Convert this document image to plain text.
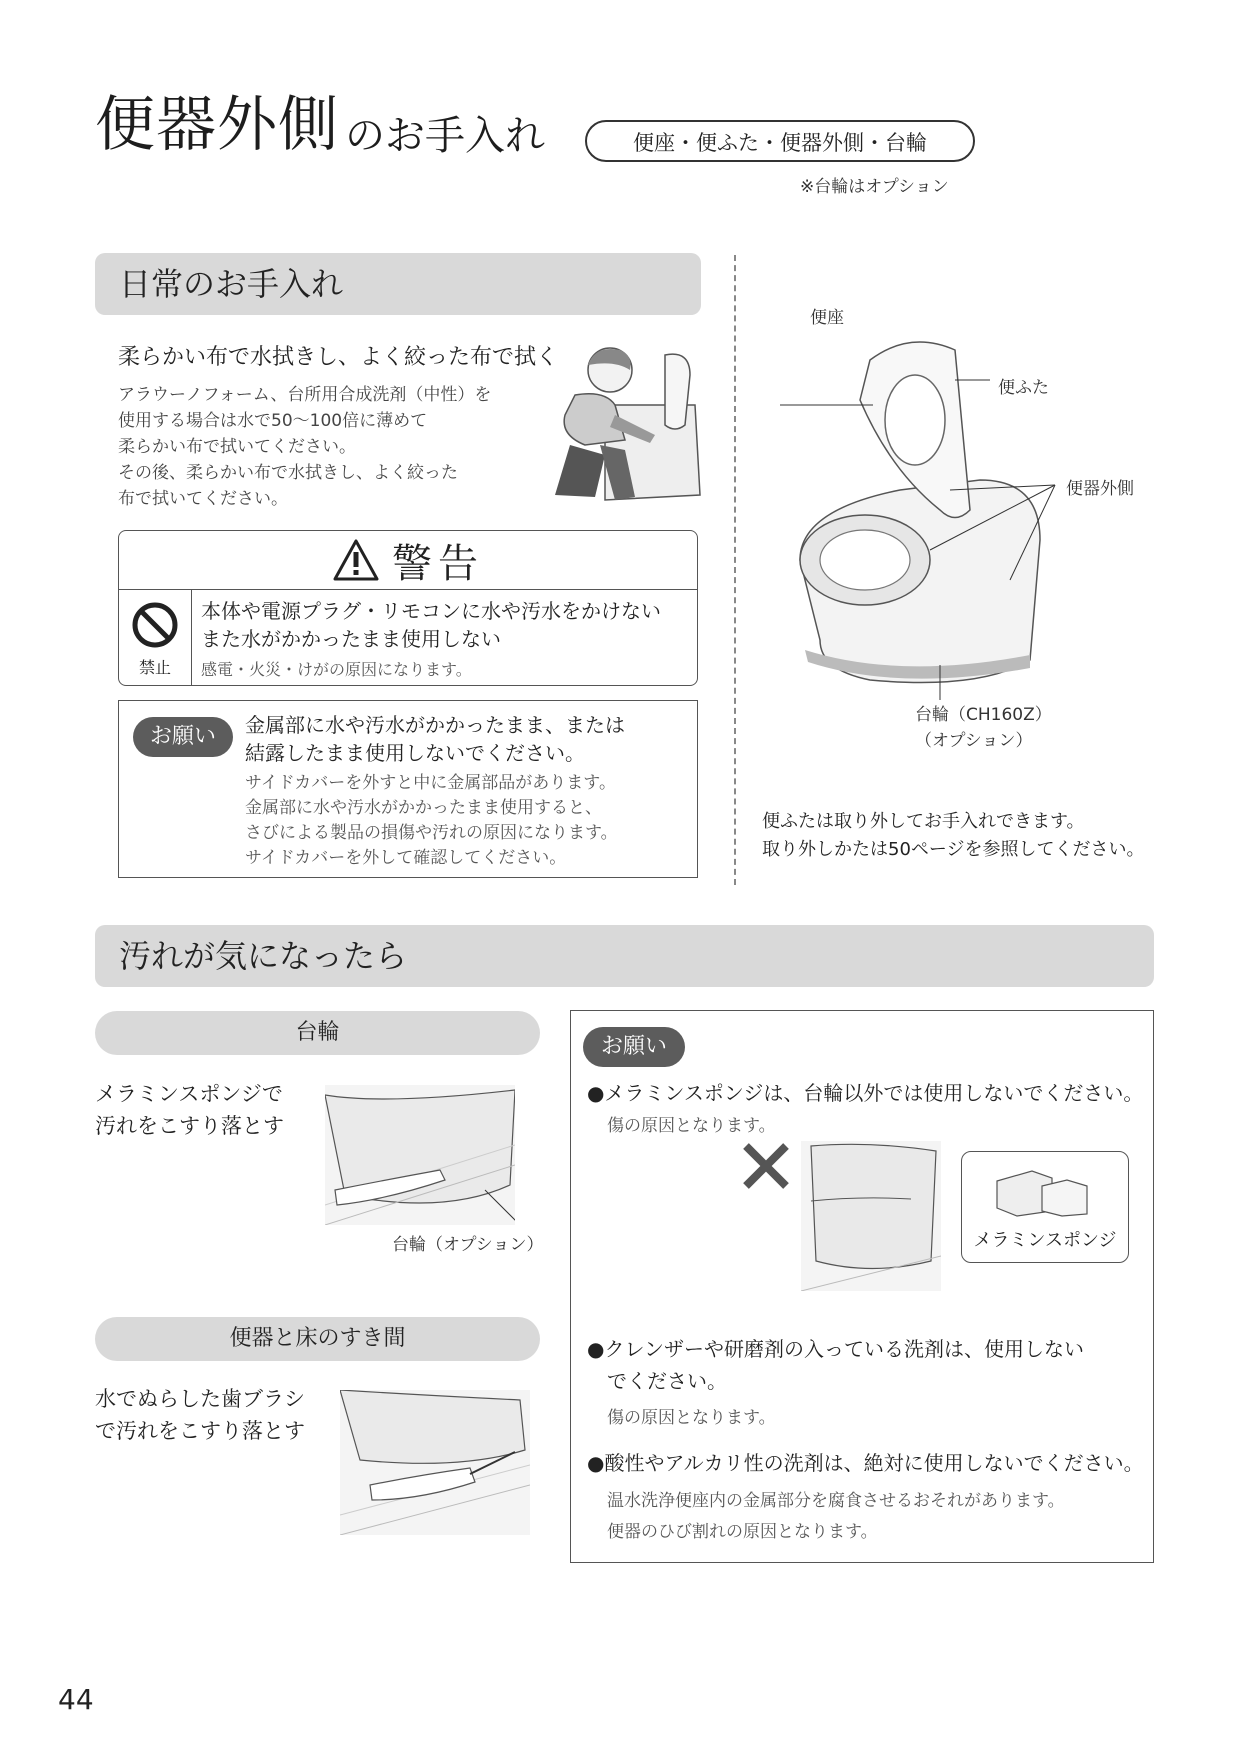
便器外側 のお手入れ	便座・便ふた・便器外側・台輪
※台輪はオプション
日常のお手入れ
柔らかい布で水拭きし、よく絞った布で拭く
アラウーノフォーム、台所用合成洗剤（中性）を
使用する場合は水で50〜100倍に薄めて
柔らかい布で拭いてください。
その後、柔らかい布で水拭きし、よく絞った
布で拭いてください。
警告
禁止
本体や電源プラグ・リモコンに水や汚水をかけない
また水がかかったまま使用しない
感電・火災・けがの原因になります。
お願い	金属部に水や汚水がかかったまま、または
結露したまま使用しないでください。
サイドカバーを外すと中に金属部品があります。
金属部に水や汚水がかかったまま使用すると、
さびによる製品の損傷や汚れの原因になります。
サイドカバーを外して確認してください。
便座
便ふた
便器外側
台輪（CH160Z）
（オプション）
便ふたは取り外してお手入れできます。
取り外しかたは50ページを参照してください。
汚れが気になったら
台輪
メラミンスポンジで
汚れをこすり落とす
台輪（オプション）
便器と床のすき間
水でぬらした歯ブラシ
で汚れをこすり落とす
お願い
●メラミンスポンジは、台輪以外では使用しないでください。
傷の原因となります。
メラミンスポンジ
●クレンザーや研磨剤の入っている洗剤は、使用しない
でください。
傷の原因となります。
●酸性やアルカリ性の洗剤は、絶対に使用しないでください。
温水洗浄便座内の金属部分を腐食させるおそれがあります。
便器のひび割れの原因となります。
44
